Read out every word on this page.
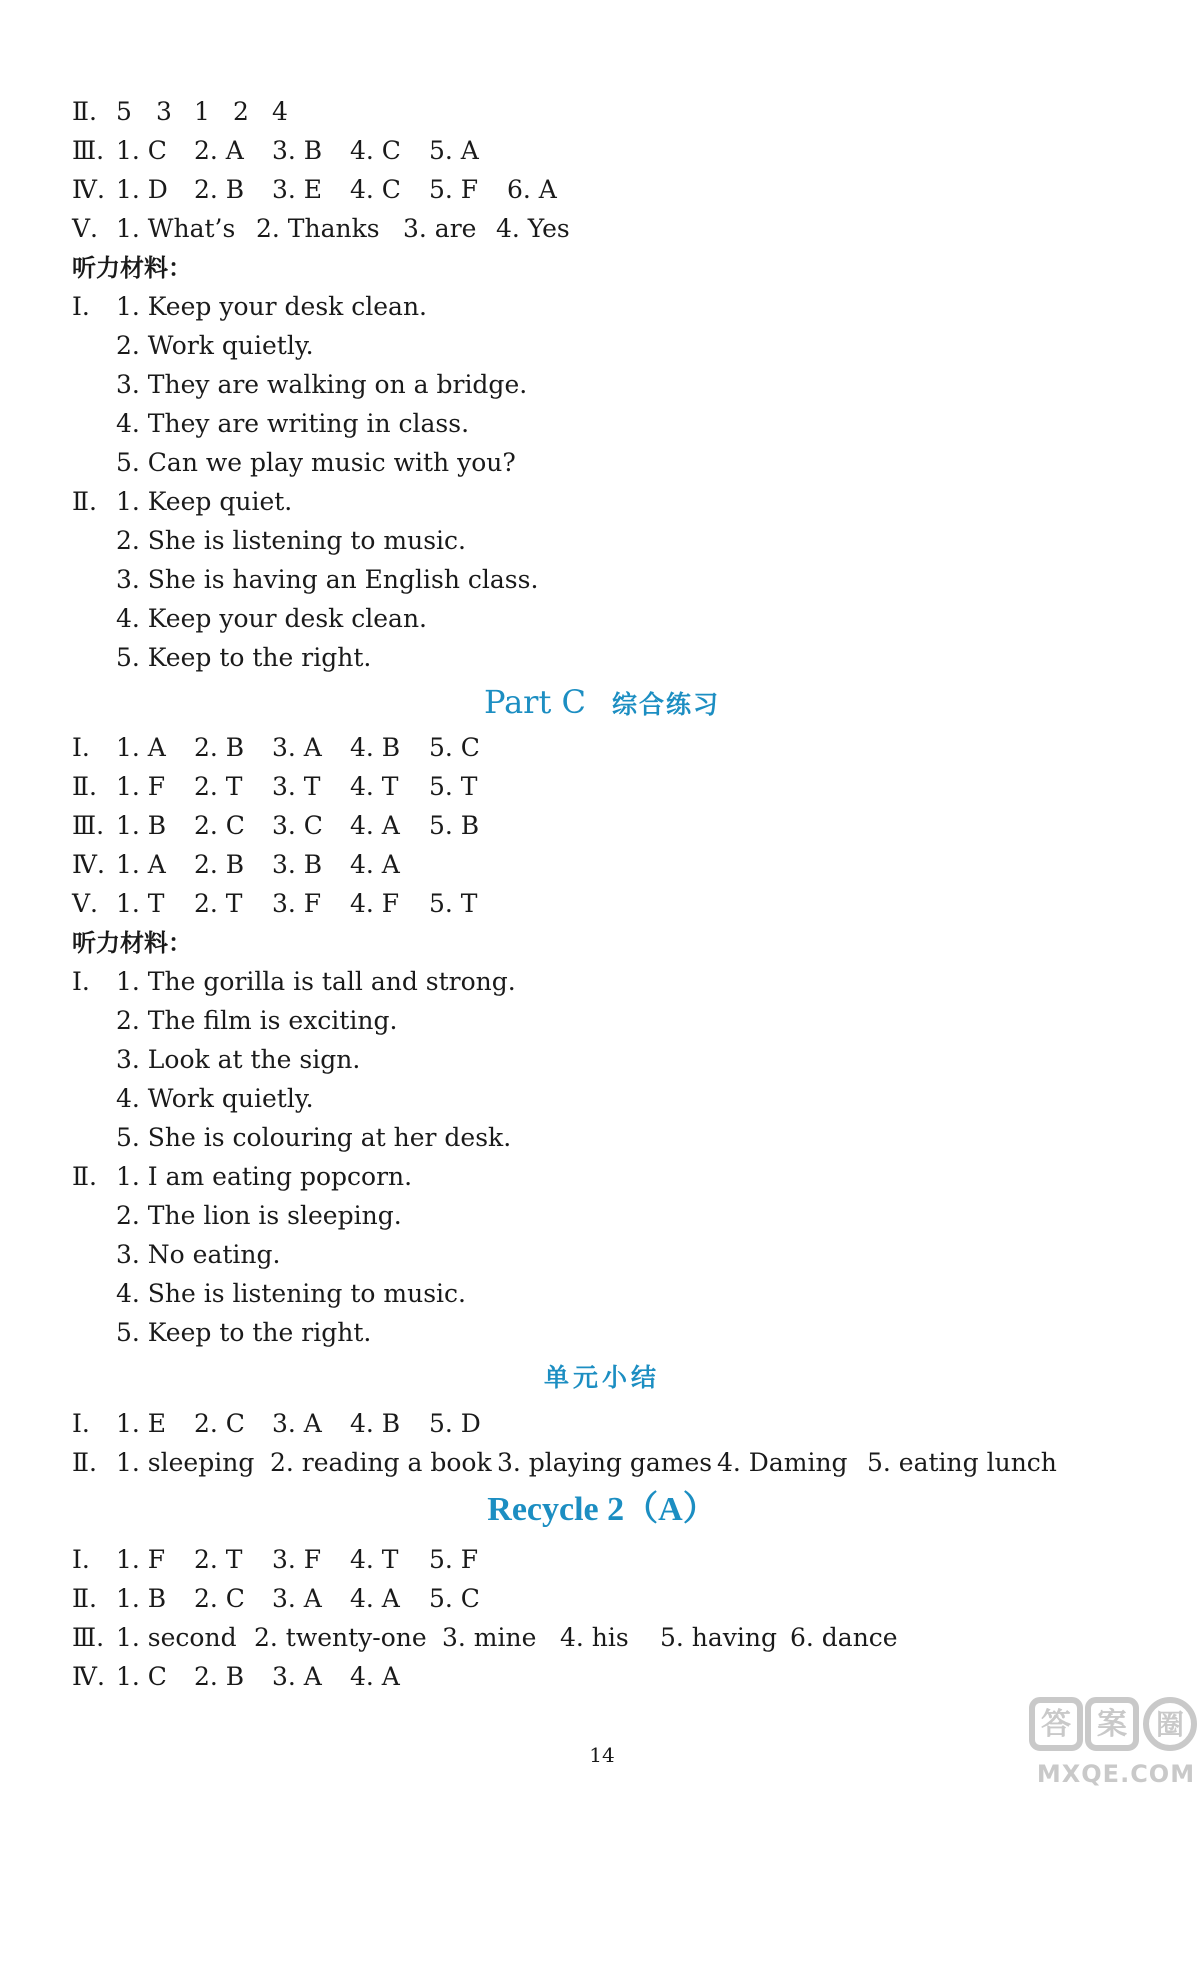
Ⅱ.

5

3

1

2

4

Ⅲ.

1. C

2. A

3. B

4. C

5. A

Ⅳ.

1. D

2. B

3. E

4. C

5. F

6. A

Ⅴ.

1. What’s

2. Thanks

3. are

4. Yes

听力材料：

Ⅰ.

1. Keep your desk clean.

2. Work quietly.

3. They are walking on a bridge.

4. They are writing in class.

5. Can we play music with you?

Ⅱ.

1. Keep quiet.

2. She is listening to music.

3. She is having an English class.

4. Keep your desk clean.

5. Keep to the right.

Part C 综合练习

Ⅰ.

1. A

2. B

3. A

4. B

5. C

Ⅱ.

1. F

2. T

3. T

4. T

5. T

Ⅲ.

1. B

2. C

3. C

4. A

5. B

Ⅳ.

1. A

2. B

3. B

4. A

Ⅴ.

1. T

2. T

3. F

4. F

5. T

听力材料：

Ⅰ.

1. The gorilla is tall and strong.

2. The film is exciting.

3. Look at the sign.

4. Work quietly.

5. She is colouring at her desk.

Ⅱ.

1. I am eating popcorn.

2. The lion is sleeping.

3. No eating.

4. She is listening to music.

5. Keep to the right.

单元小结

Ⅰ.

1. E

2. C

3. A

4. B

5. D

Ⅱ.

1. sleeping

2. reading a book

3. playing games

4. Daming

5. eating lunch

Recycle 2（A）

Ⅰ.

1. F

2. T

3. F

4. T

5. F

Ⅱ.

1. B

2. C

3. A

4. A

5. C

Ⅲ.

1. second

2. twenty-one

3. mine

4. his

5. having

6. dance

Ⅳ.

1. C

2. B

3. A

4. A

14
答 案 圈
MXQE.COM
